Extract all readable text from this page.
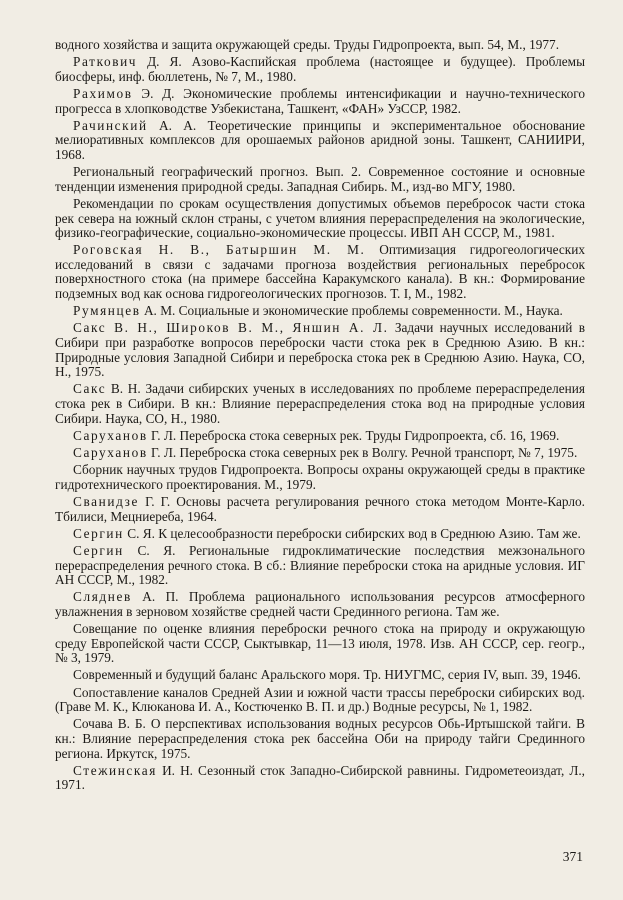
водного хозяйства и защита окружающей среды. Труды Гидропроекта, вып. 54, М., 1977.

Раткович Д. Я. Азово-Каспийская проблема (настоящее и будущее). Проблемы биосферы, инф. бюллетень, № 7, М., 1980.

Рахимов Э. Д. Экономические проблемы интенсификации и научно-технического прогресса в хлопководстве Узбекистана, Ташкент, «ФАН» УзССР, 1982.

Рачинский А. А. Теоретические принципы и экспериментальное обоснование мелиоративных комплексов для орошаемых районов аридной зоны. Ташкент, САНИИРИ, 1968.

Региональный географический прогноз. Вып. 2. Современное состояние и основные тенденции изменения природной среды. Западная Сибирь. М., изд-во МГУ, 1980.

Рекомендации по срокам осуществления допустимых объемов перебросок части стока рек севера на южный склон страны, с учетом влияния перераспределения на экологические, физико-географические, социально-экономические процессы. ИВП АН СССР, М., 1981.

Роговская Н. В., Батыршин М. М. Оптимизация гидрогеологических исследований в связи с задачами прогноза воздействия региональных перебросок поверхностного стока (на примере бассейна Каракумского канала). В кн.: Формирование подземных вод как основа гидрогеологических прогнозов. Т. I, М., 1982.

Румянцев А. М. Социальные и экономические проблемы современности. М., Наука.

Сакс В. Н., Широков В. М., Яншин А. Л. Задачи научных исследований в Сибири при разработке вопросов переброски части стока рек в Среднюю Азию. В кн.: Природные условия Западной Сибири и переброска стока рек в Среднюю Азию. Наука, СО, Н., 1975.

Сакс В. Н. Задачи сибирских ученых в исследованиях по проблеме перераспределения стока рек в Сибири. В кн.: Влияние перераспределения стока вод на природные условия Сибири. Наука, СО, Н., 1980.

Саруханов Г. Л. Переброска стока северных рек. Труды Гидропроекта, сб. 16, 1969.

Саруханов Г. Л. Переброска стока северных рек в Волгу. Речной транспорт, № 7, 1975.

Сборник научных трудов Гидропроекта. Вопросы охраны окружающей среды в практике гидротехнического проектирования. М., 1979.

Сванидзе Г. Г. Основы расчета регулирования речного стока методом Монте-Карло. Тбилиси, Мецниереба, 1964.

Сергин С. Я. К целесообразности переброски сибирских вод в Среднюю Азию. Там же.

Сергин С. Я. Региональные гидроклиматические последствия межзонального перераспределения речного стока. В сб.: Влияние переброски стока на аридные условия. ИГ АН СССР, М., 1982.

Сляднев А. П. Проблема рационального использования ресурсов атмосферного увлажнения в зерновом хозяйстве средней части Срединного региона. Там же.

Совещание по оценке влияния переброски речного стока на природу и окружающую среду Европейской части СССР, Сыктывкар, 11—13 июля, 1978. Изв. АН СССР, сер. геогр., № 3, 1979.

Современный и будущий баланс Аральского моря. Тр. НИУГМС, серия IV, вып. 39, 1946.

Сопоставление каналов Средней Азии и южной части трассы переброски сибирских вод. (Граве М. К., Клюканова И. А., Костюченко В. П. и др.) Водные ресурсы, № 1, 1982.

Сочава В. Б. О перспективах использования водных ресурсов Обь-Иртышской тайги. В кн.: Влияние перераспределения стока рек бассейна Оби на природу тайги Срединного региона. Иркутск, 1975.

Стежинская И. Н. Сезонный сток Западно-Сибирской равнины. Гидрометеоиздат, Л., 1971.

371
